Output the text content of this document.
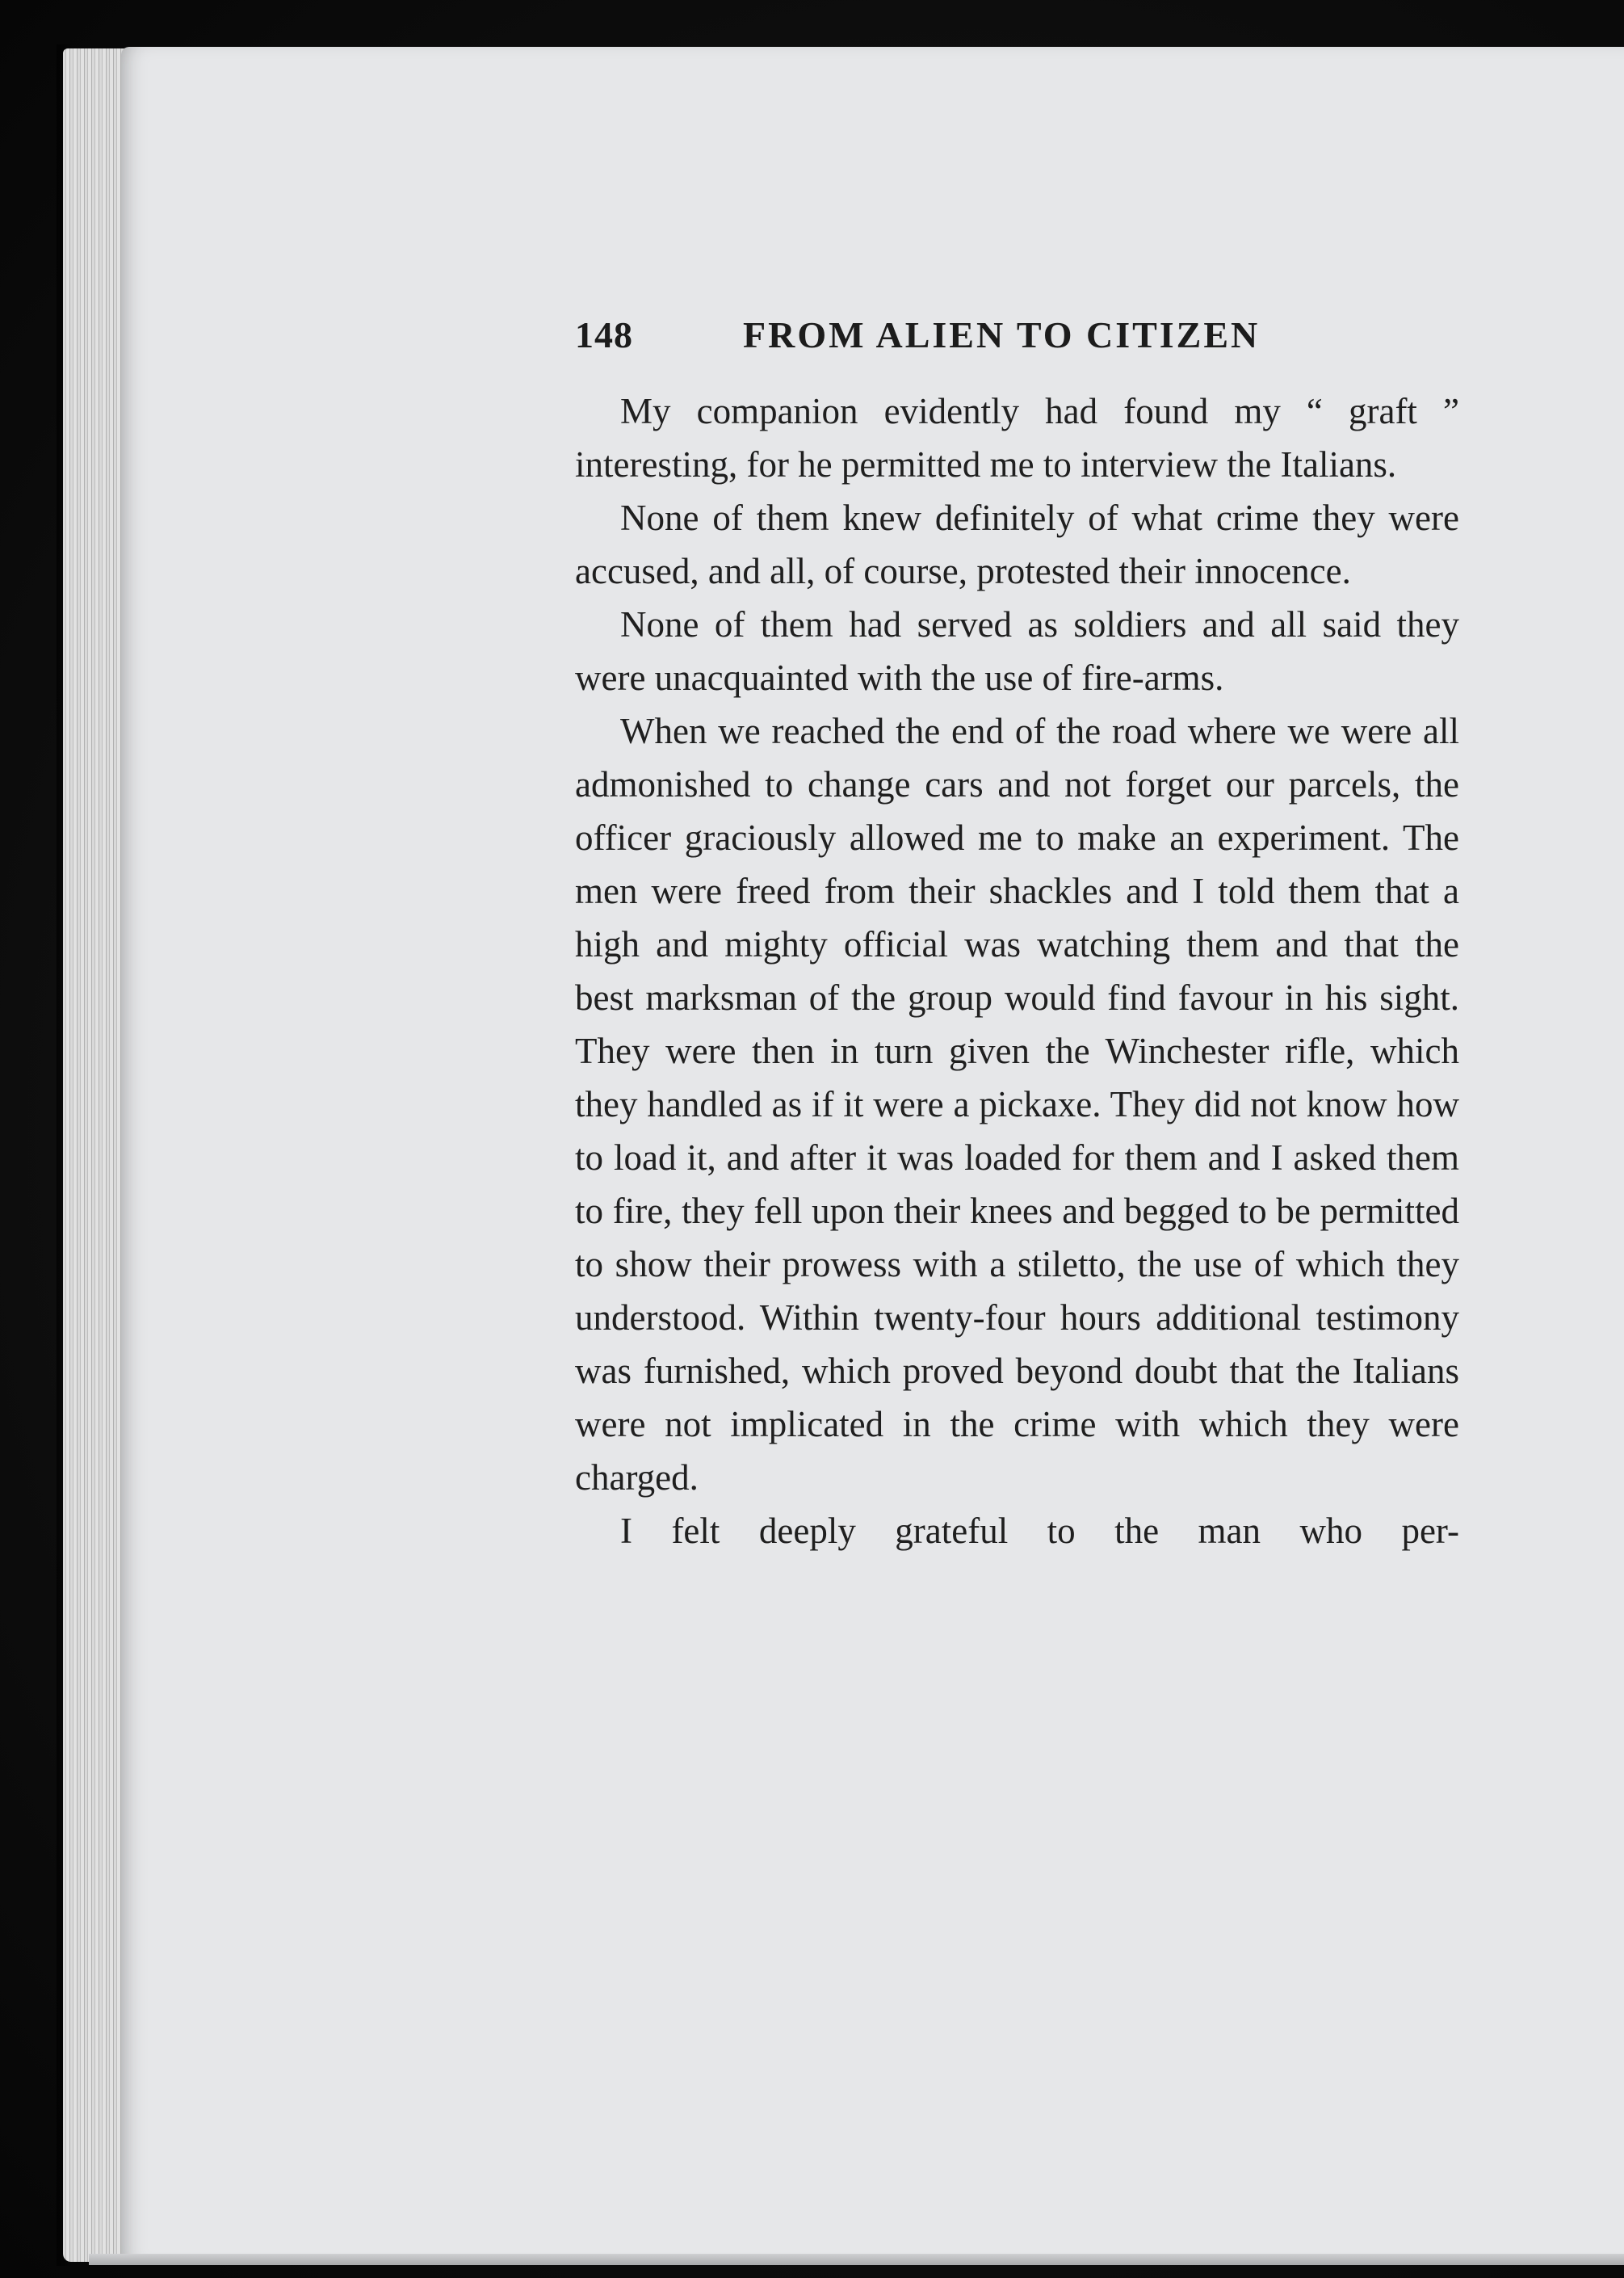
148	FROM ALIEN TO CITIZEN

My companion evidently had found my “ graft ” interesting, for he permitted me to interview the Italians.

None of them knew definitely of what crime they were accused, and all, of course, protested their innocence.

None of them had served as soldiers and all said they were unacquainted with the use of fire-arms.

When we reached the end of the road where we were all admonished to change cars and not forget our parcels, the officer graciously allowed me to make an experiment. The men were freed from their shackles and I told them that a high and mighty official was watching them and that the best marksman of the group would find favour in his sight. They were then in turn given the Winchester rifle, which they handled as if it were a pickaxe. They did not know how to load it, and after it was loaded for them and I asked them to fire, they fell upon their knees and begged to be permitted to show their prowess with a stiletto, the use of which they understood. Within twenty-four hours additional testimony was furnished, which proved beyond doubt that the Italians were not implicated in the crime with which they were charged.

I felt deeply grateful to the man who per-
